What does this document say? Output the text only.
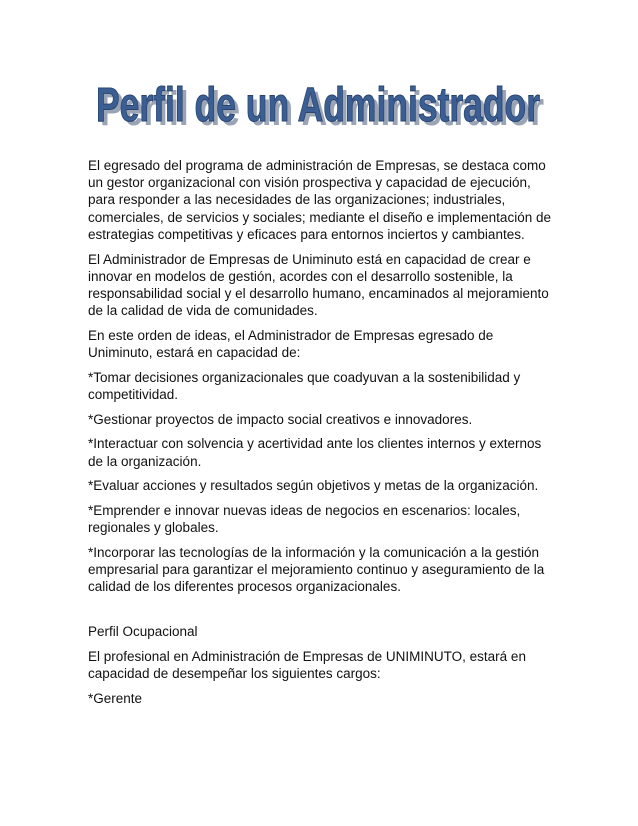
Perfil de un Administrador
Perfil de un Administrador

El egresado del programa de administración de Empresas, se destaca como un gestor organizacional con visión prospectiva y capacidad de ejecución, para responder a las necesidades de las organizaciones; industriales, comerciales, de servicios y sociales; mediante el diseño e implementación de estrategias competitivas y eficaces para entornos inciertos y cambiantes.

El Administrador de Empresas de Uniminuto está en capacidad de crear e innovar en modelos de gestión, acordes con el desarrollo sostenible, la responsabilidad social y el desarrollo humano, encaminados al mejoramiento de la calidad de vida de comunidades.

En este orden de ideas, el Administrador de Empresas egresado de Uniminuto, estará en capacidad de:

*Tomar decisiones organizacionales que coadyuvan a la sostenibilidad y competitividad.

*Gestionar proyectos de impacto social creativos e innovadores.

*Interactuar con solvencia y acertividad ante los clientes internos y externos de la organización.

*Evaluar acciones y resultados según objetivos y metas de la organización.

*Emprender e innovar nuevas ideas de negocios en escenarios: locales, regionales y globales.

*Incorporar las tecnologías de la información y la comunicación a la gestión empresarial para garantizar el mejoramiento continuo y aseguramiento de la calidad de los diferentes procesos organizacionales.

Perfil Ocupacional

El profesional en Administración de Empresas de UNIMINUTO, estará en capacidad de desempeñar los siguientes cargos:

*Gerente
